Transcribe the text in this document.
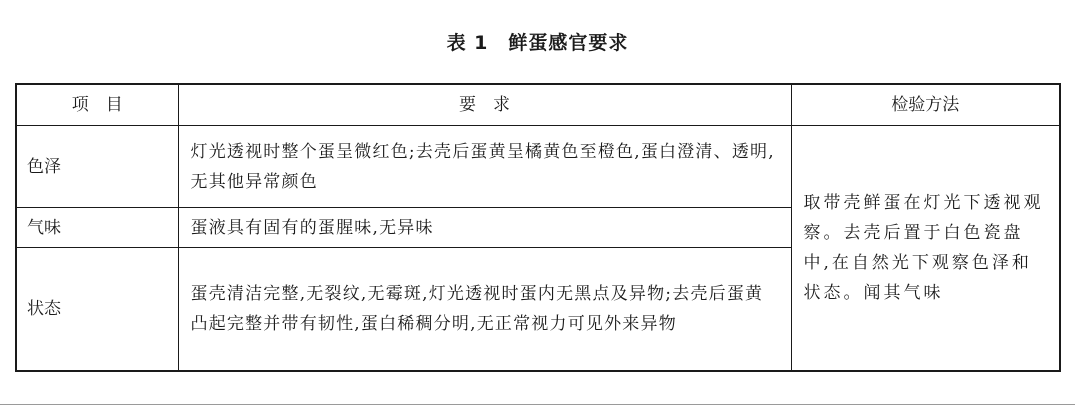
表 1 鲜蛋感官要求
项　目	要　求	检验方法
色泽	灯光透视时整个蛋呈微红色;去壳后蛋黄呈橘黄色至橙色,蛋白澄清、透明,无其他异常颜色	取带壳鲜蛋在灯光下透视观察。去壳后置于白色瓷盘中,在自然光下观察色泽和状态。闻其气味
气味	蛋液具有固有的蛋腥味,无异味	
状态	蛋壳清洁完整,无裂纹,无霉斑,灯光透视时蛋内无黑点及异物;去壳后蛋黄凸起完整并带有韧性,蛋白稀稠分明,无正常视力可见外来异物	
